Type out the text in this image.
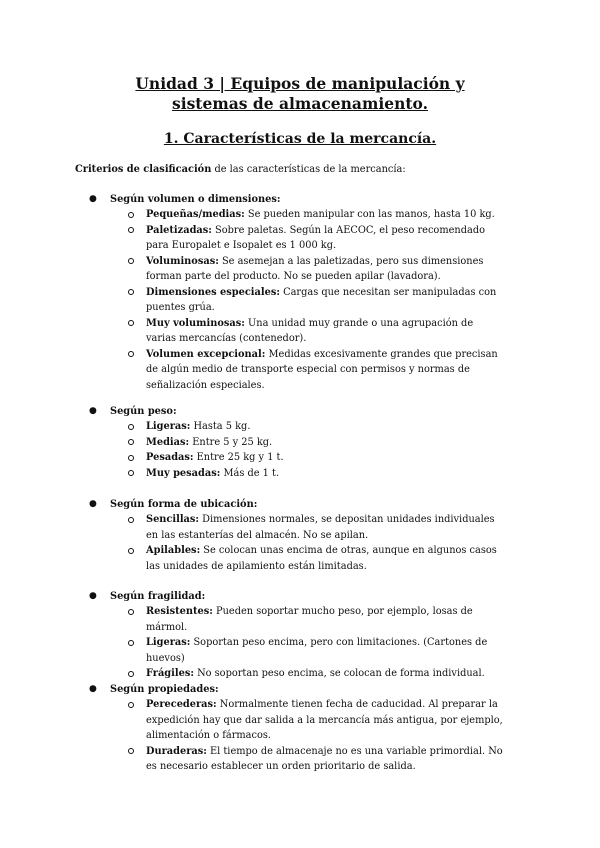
Unidad 3 | Equipos de manipulación y
sistemas de almacenamiento.
1. Características de la mercancía.
Criterios de clasificación de las características de la mercancía:
● Según volumen o dimensiones:
Pequeñas/medias: Se pueden manipular con las manos, hasta 10 kg.
Paletizadas: Sobre paletas. Según la AECOC, el peso recomendado para Europalet e Isopalet es 1 000 kg.
Voluminosas: Se asemejan a las paletizadas, pero sus dimensiones forman parte del producto. No se pueden apilar (lavadora).
Dimensiones especiales: Cargas que necesitan ser manipuladas con puentes grúa.
Muy voluminosas: Una unidad muy grande o una agrupación de varias mercancías (contenedor).
Volumen excepcional: Medidas excesivamente grandes que precisan de algún medio de transporte especial con permisos y normas de señalización especiales.
● Según peso:
Ligeras: Hasta 5 kg.
Medias: Entre 5 y 25 kg.
Pesadas: Entre 25 kg y 1 t.
Muy pesadas: Más de 1 t.
● Según forma de ubicación:
Sencillas: Dimensiones normales, se depositan unidades individuales en las estanterías del almacén. No se apilan.
Apilables: Se colocan unas encima de otras, aunque en algunos casos las unidades de apilamiento están limitadas.
● Según fragilidad:
Resistentes: Pueden soportar mucho peso, por ejemplo, losas de mármol.
Ligeras: Soportan peso encima, pero con limitaciones. (Cartones de huevos)
Frágiles: No soportan peso encima, se colocan de forma individual.
● Según propiedades:
Perecederas: Normalmente tienen fecha de caducidad. Al preparar la expedición hay que dar salida a la mercancía más antigua, por ejemplo, alimentación o fármacos.
Duraderas: El tiempo de almacenaje no es una variable primordial. No es necesario establecer un orden prioritario de salida.
